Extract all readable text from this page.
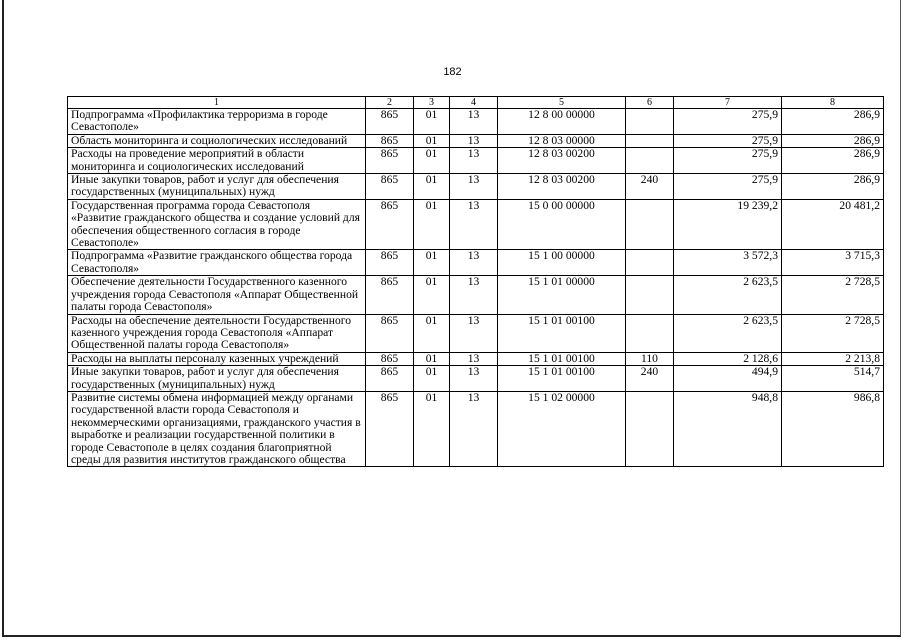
182
1	2	3	4	5	6	7	8
Подпрограмма «Профилактика терроризма в городе Севастополе»	865	01	13	12 8 00 00000		275,9	286,9
Область мониторинга и социологических исследований	865	01	13	12 8 03 00000		275,9	286,9
Расходы на проведение мероприятий в области мониторинга и социологических исследований	865	01	13	12 8 03 00200		275,9	286,9
Иные закупки товаров, работ и услуг для обеспечения государственных (муниципальных) нужд	865	01	13	12 8 03 00200	240	275,9	286,9
Государственная программа города Севастополя «Развитие гражданского общества и создание условий для обеспечения общественного согласия в городе Севастополе»	865	01	13	15 0 00 00000		19 239,2	20 481,2
Подпрограмма «Развитие гражданского общества города Севастополя»	865	01	13	15 1 00 00000		3 572,3	3 715,3
Обеспечение деятельности Государственного казенного учреждения города Севастополя «Аппарат Общественной палаты города Севастополя»	865	01	13	15 1 01 00000		2 623,5	2 728,5
Расходы на обеспечение деятельности Государственного казенного учреждения города Севастополя «Аппарат Общественной палаты города Севастополя»	865	01	13	15 1 01 00100		2 623,5	2 728,5
Расходы на выплаты персоналу казенных учреждений	865	01	13	15 1 01 00100	110	2 128,6	2 213,8
Иные закупки товаров, работ и услуг для обеспечения государственных (муниципальных) нужд	865	01	13	15 1 01 00100	240	494,9	514,7
Развитие системы обмена информацией между органами государственной власти города Севастополя и некоммерческими организациями, гражданского участия в выработке и реализации государственной политики в городе Севастополе в целях создания благоприятной среды для развития институтов гражданского общества	865	01	13	15 1 02 00000		948,8	986,8
